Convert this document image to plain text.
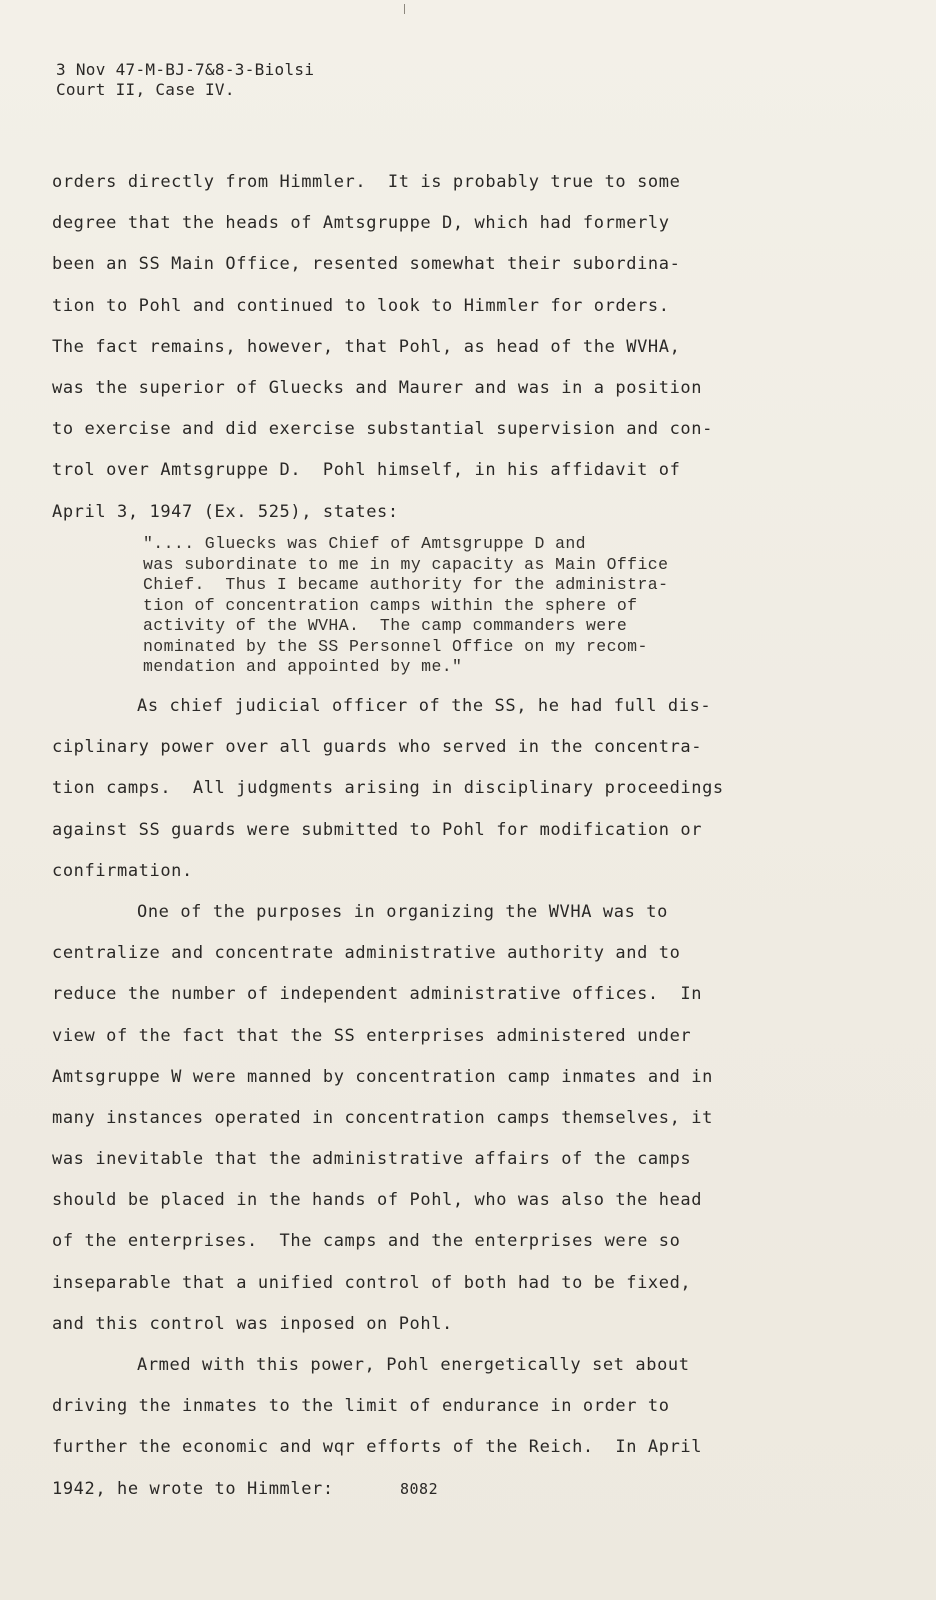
3 Nov 47-M-BJ-7&8-3-Biolsi
Court II, Case IV.
orders directly from Himmler.  It is probably true to some
degree that the heads of Amtsgruppe D, which had formerly
been an SS Main Office, resented somewhat their subordina-
tion to Pohl and continued to look to Himmler for orders.
The fact remains, however, that Pohl, as head of the WVHA,
was the superior of Gluecks and Maurer and was in a position
to exercise and did exercise substantial supervision and con-
trol over Amtsgruppe D.  Pohl himself, in his affidavit of
April 3, 1947 (Ex. 525), states:
".... Gluecks was Chief of Amtsgruppe D and
was subordinate to me in my capacity as Main Office
Chief.  Thus I became authority for the administra-
tion of concentration camps within the sphere of
activity of the WVHA.  The camp commanders were
nominated by the SS Personnel Office on my recom-
mendation and appointed by me."
As chief judicial officer of the SS, he had full dis-
ciplinary power over all guards who served in the concentra-
tion camps.  All judgments arising in disciplinary proceedings
against SS guards were submitted to Pohl for modification or
confirmation.
One of the purposes in organizing the WVHA was to
centralize and concentrate administrative authority and to
reduce the number of independent administrative offices.  In
view of the fact that the SS enterprises administered under
Amtsgruppe W were manned by concentration camp inmates and in
many instances operated in concentration camps themselves, it
was inevitable that the administrative affairs of the camps
should be placed in the hands of Pohl, who was also the head
of the enterprises.  The camps and the enterprises were so
inseparable that a unified control of both had to be fixed,
and this control was inposed on Pohl.
Armed with this power, Pohl energetically set about
driving the inmates to the limit of endurance in order to
further the economic and wqr efforts of the Reich.  In April
1942, he wrote to Himmler:	8082
